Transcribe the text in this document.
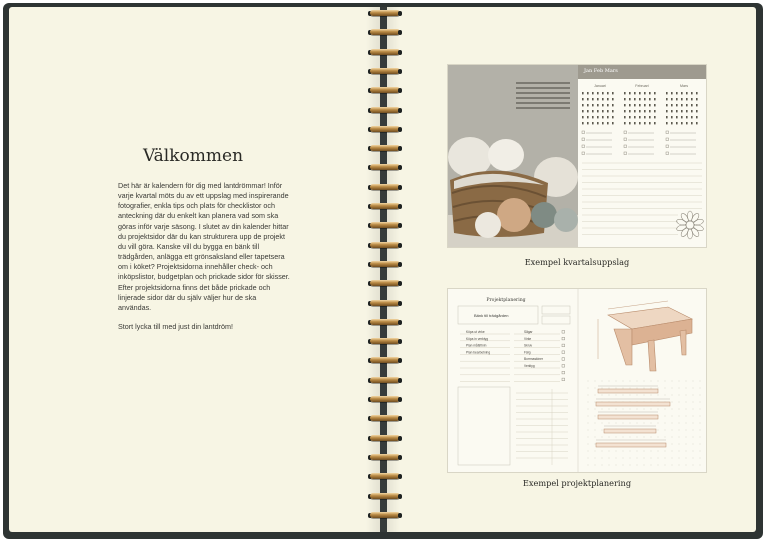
Välkommen

Det här är kalendern för dig med lantdrömmar! Inför varje kvartal möts du av ett uppslag med inspirerande fotografier, enkla tips och plats för checklistor och anteckning där du enkelt kan planera vad som ska göras inför varje säsong. I slutet av din kalender hittar du projektsidor där du kan strukturera upp de projekt du vill göra. Kanske vill du bygga en bänk till trädgården, anlägga ett grönsaksland eller tapetsera om i köket? Projektsidorna innehåller check- och inköpslistor, budgetplan och prickade sidor för skisser. Efter projektsidorna finns det både prickade och linjerade sidor där du själv väljer hur de ska användas.

Stort lycka till med just din lantdröm!

Jan Feb Mars
Januari	Februari	Mars
Exempel kvartalsuppslag
Projektplanering
Bänk till trädgården
Köpa ut virke
Köpa in verktyg
Plan måttritnin
Plan bearbetning
Sågar
Virke
Skruv
Färg
Borrmaskiner
Verktyg
Exempel projektplanering
